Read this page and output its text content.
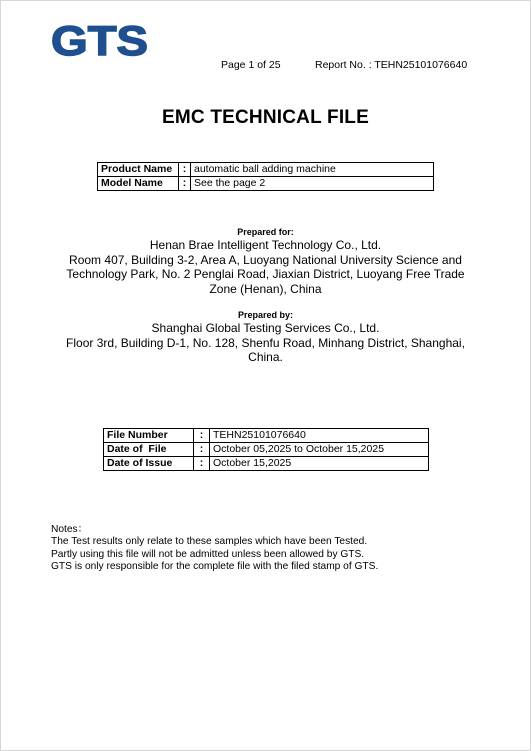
GTS
Page 1 of 25	Report No. : TEHN25101076640
EMC TECHNICAL FILE
Product Name	:	automatic ball adding machine
Model Name	:	See the page 2
Prepared for:
Henan Brae Intelligent Technology Co., Ltd.
Room 407, Building 3-2, Area A, Luoyang National University Science and
Technology Park, No. 2 Penglai Road, Jiaxian District, Luoyang Free Trade
Zone (Henan), China
Prepared by:
Shanghai Global Testing Services Co., Ltd.
Floor 3rd, Building D-1, No. 128, Shenfu Road, Minhang District, Shanghai,
China.
File Number	:	TEHN25101076640
Date of  File	:	October 05,2025 to October 15,2025
Date of Issue	:	October 15,2025
Notes：
The Test results only relate to these samples which have been Tested.
Partly using this file will not be admitted unless been allowed by GTS.
GTS is only responsible for the complete file with the filed stamp of GTS.
